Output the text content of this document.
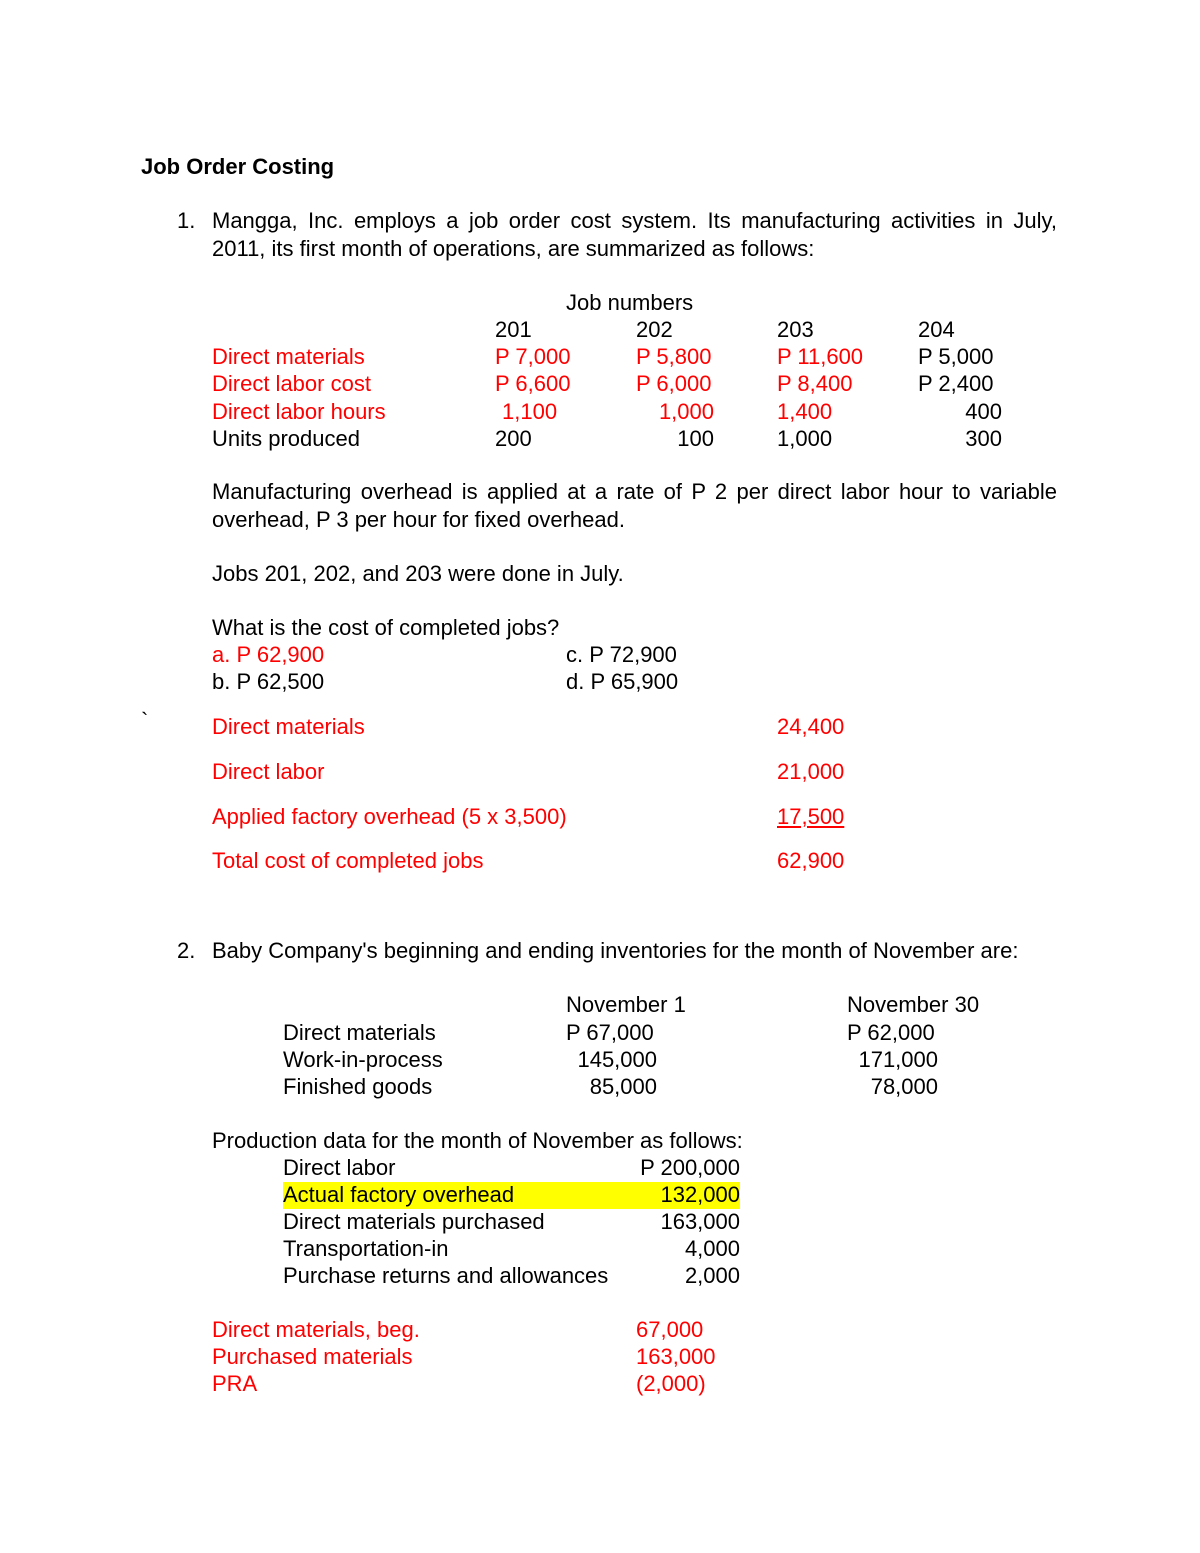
Job Order Costing
1. Mangga, Inc. employs a job order cost system. Its manufacturing activities in July, 2011, its first month of operations, are summarized as follows:
Job numbers
201	202	203	204
Direct materials	P 7,000	P 5,800	P 11,600 P 5,000
Direct labor cost	P 6,600	P 6,000	P 8,400	P 2,400
Direct labor hours	1,100	1,000	1,400	400
Units produced	200	100	1,000	300
Manufacturing overhead is applied at a rate of P 2 per direct labor hour to variable overhead, P 3 per hour for fixed overhead.
Jobs 201, 202, and 203 were done in July.
What is the cost of completed jobs?
a. P 62,900	c. P 72,900
b. P 62,500	d. P 65,900
`	Direct materials	24,400
Direct labor	21,000
Applied factory overhead (5 x 3,500)	17,500
Total cost of completed jobs	62,900
2. Baby Company's beginning and ending inventories for the month of November are:
November 1	November 30
Direct materials	P 67,000	P 62,000
Work-in-process	145,000	171,000
Finished goods	85,000	78,000
Production data for the month of November as follows:
Direct labor	P 200,000
Actual factory overhead	132,000
Direct materials purchased	163,000
Transportation-in	4,000
Purchase returns and allowances	2,000
Direct materials, beg.	67,000
Purchased materials	163,000
PRA	(2,000)
